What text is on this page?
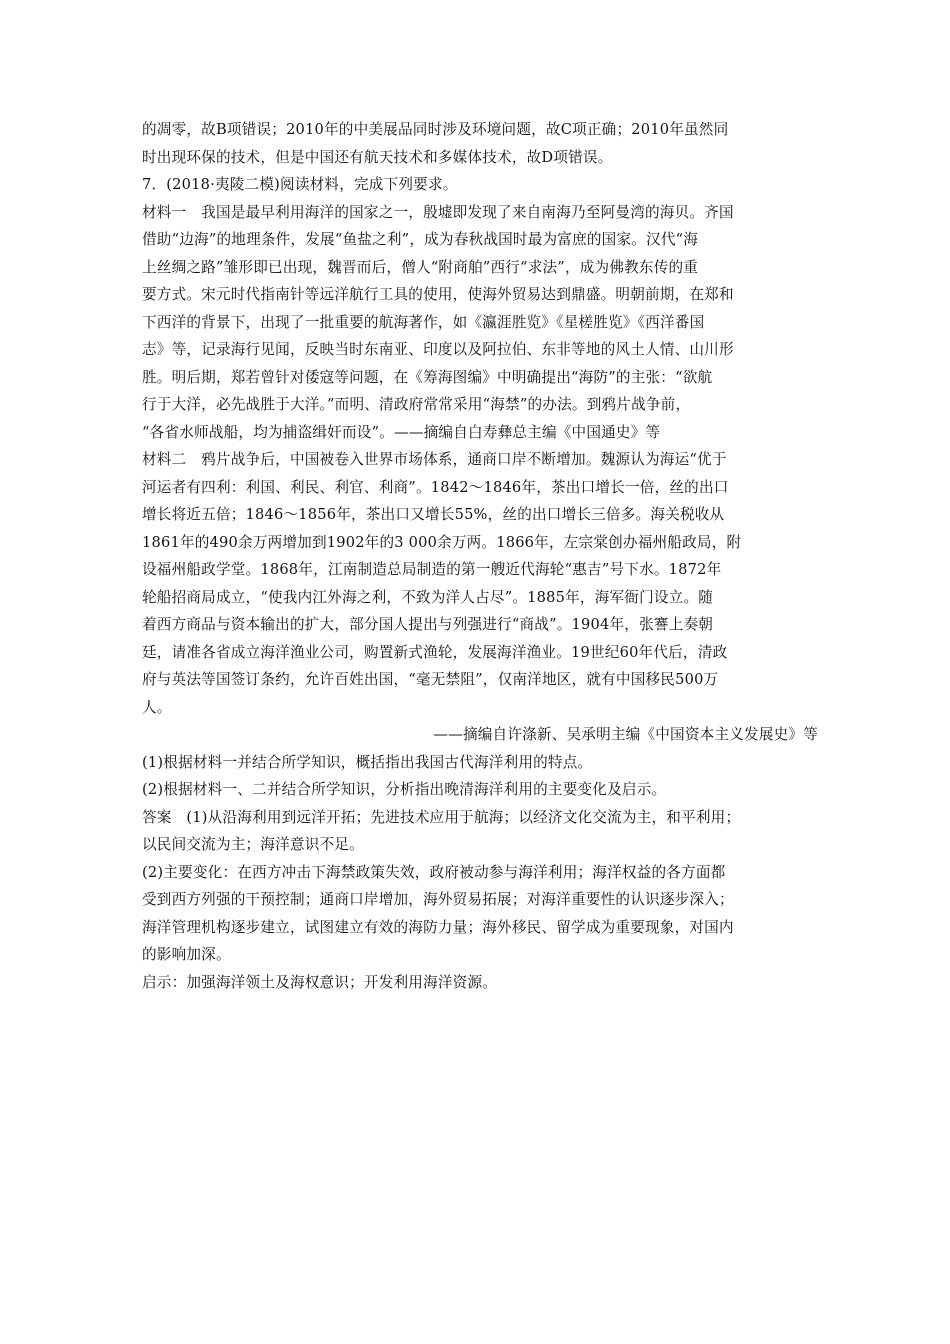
的凋零，故B项错误；2010年的中美展品同时涉及环境问题，故C项正确；2010年虽然同
时出现环保的技术，但是中国还有航天技术和多媒体技术，故D项错误。
7．(2018·夷陵二模)阅读材料，完成下列要求。
材料一　我国是最早利用海洋的国家之一，殷墟即发现了来自南海乃至阿曼湾的海贝。齐国
借助“边海”的地理条件，发展“鱼盐之利”，成为春秋战国时最为富庶的国家。汉代“海
上丝绸之路”雏形即已出现，魏晋而后，僧人“附商舶”西行“求法”，成为佛教东传的重
要方式。宋元时代指南针等远洋航行工具的使用，使海外贸易达到鼎盛。明朝前期，在郑和
下西洋的背景下，出现了一批重要的航海著作，如《瀛涯胜览》《星槎胜览》《西洋番国
志》等，记录海行见闻，反映当时东南亚、印度以及阿拉伯、东非等地的风土人情、山川形
胜。明后期，郑若曾针对倭寇等问题，在《筹海图编》中明确提出“海防”的主张：“欲航
行于大洋，必先战胜于大洋。”而明、清政府常常采用“海禁”的办法。到鸦片战争前，
“各省水师战船，均为捕盗缉奸而设”。——摘编自白寿彝总主编《中国通史》等
材料二　鸦片战争后，中国被卷入世界市场体系，通商口岸不断增加。魏源认为海运“优于
河运者有四利：利国、利民、利官、利商”。1842～1846年，茶出口增长一倍，丝的出口
增长将近五倍；1846～1856年，茶出口又增长55%，丝的出口增长三倍多。海关税收从
1861年的490余万两增加到1902年的3 000余万两。1866年，左宗棠创办福州船政局，附
设福州船政学堂。1868年，江南制造总局制造的第一艘近代海轮“惠吉”号下水。1872年
轮船招商局成立，“使我内江外海之利，不致为洋人占尽”。1885年，海军衙门设立。随
着西方商品与资本输出的扩大，部分国人提出与列强进行“商战”。1904年，张謇上奏朝
廷，请准各省成立海洋渔业公司，购置新式渔轮，发展海洋渔业。19世纪60年代后，清政
府与英法等国签订条约，允许百姓出国，“毫无禁阻”，仅南洋地区，就有中国移民500万
人。
——摘编自许涤新、吴承明主编《中国资本主义发展史》等
(1)根据材料一并结合所学知识，概括指出我国古代海洋利用的特点。
(2)根据材料一、二并结合所学知识，分析指出晚清海洋利用的主要变化及启示。
答案　(1)从沿海利用到远洋开拓；先进技术应用于航海；以经济文化交流为主，和平利用；
以民间交流为主；海洋意识不足。
(2)主要变化：在西方冲击下海禁政策失效，政府被动参与海洋利用；海洋权益的各方面都
受到西方列强的干预控制；通商口岸增加，海外贸易拓展；对海洋重要性的认识逐步深入；
海洋管理机构逐步建立，试图建立有效的海防力量；海外移民、留学成为重要现象，对国内
的影响加深。
启示：加强海洋领土及海权意识；开发利用海洋资源。
